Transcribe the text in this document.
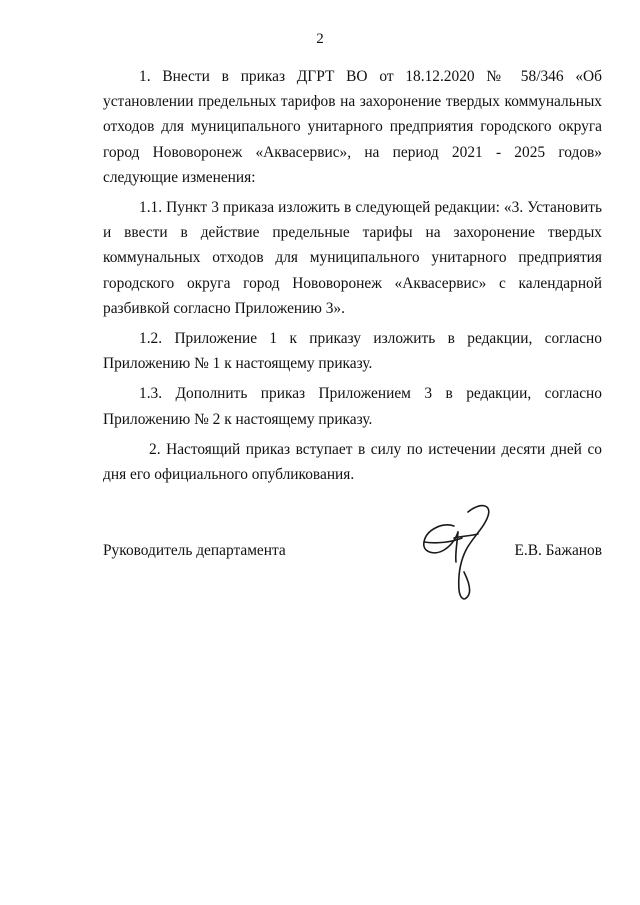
2

1. Внести в приказ ДГРТ ВО от 18.12.2020 № 58/346 «Об установлении предельных тарифов на захоронение твердых коммунальных отходов для муниципального унитарного предприятия городского округа город Нововоронеж «Аквасервис», на период 2021 - 2025 годов» следующие изменения:

1.1. Пункт 3 приказа изложить в следующей редакции: «3. Установить и ввести в действие предельные тарифы на захоронение твердых коммунальных отходов для муниципального унитарного предприятия городского округа город Нововоронеж «Аквасервис» с календарной разбивкой согласно Приложению 3».

1.2. Приложение 1 к приказу изложить в редакции, согласно Приложению № 1 к настоящему приказу.

1.3. Дополнить приказ Приложением 3 в редакции, согласно Приложению № 2 к настоящему приказу.

2. Настоящий приказ вступает в силу по истечении десяти дней со дня его официального опубликования.

Руководитель департамента	Е.В. Бажанов
